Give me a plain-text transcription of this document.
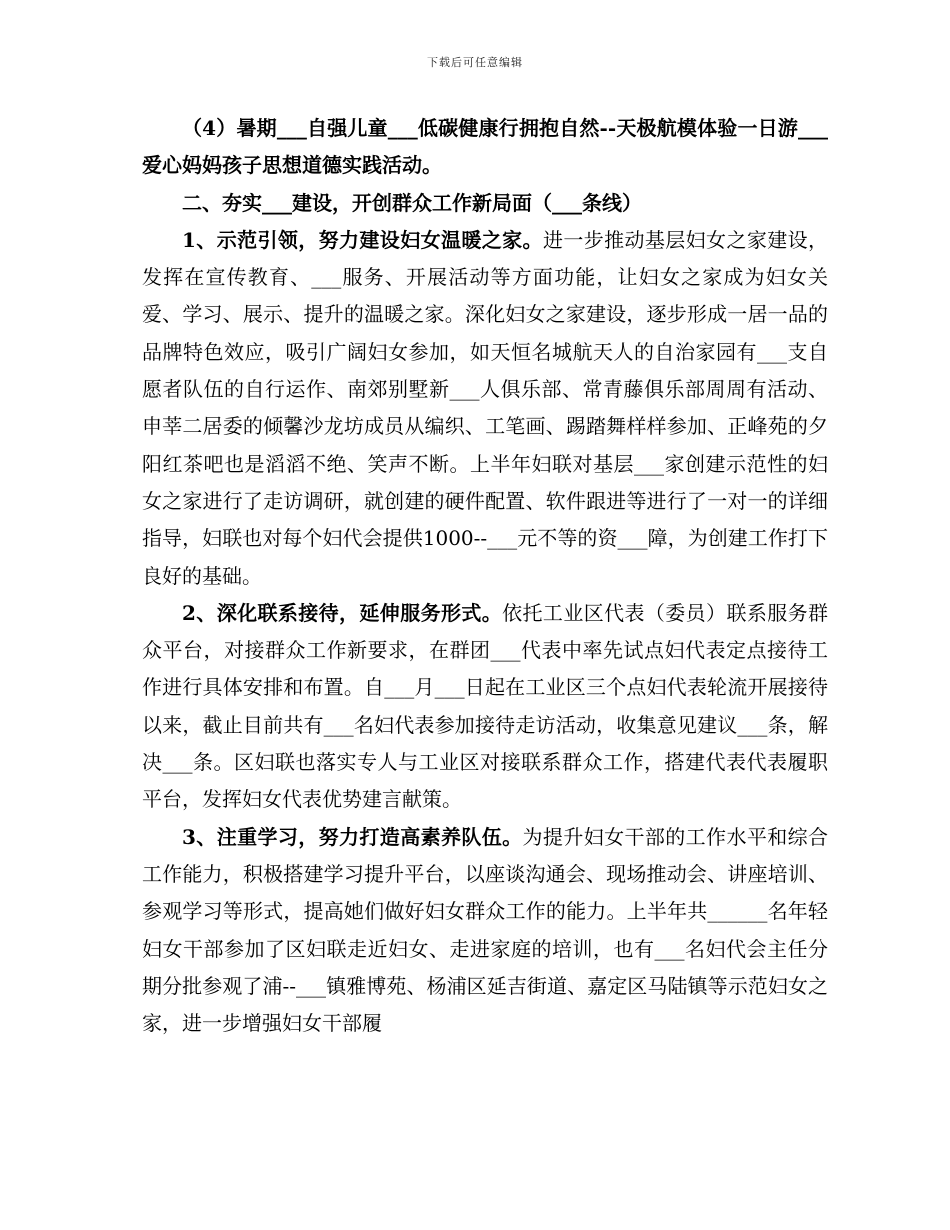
下载后可任意编辑

（4）暑期___自强儿童___低碳健康行拥抱自然--天极航模体验一日游___爱心妈妈孩子思想道德实践活动。

二、夯实___建设，开创群众工作新局面（___条线）

1、示范引领，努力建设妇女温暖之家。进一步推动基层妇女之家建设，发挥在宣传教育、___服务、开展活动等方面功能，让妇女之家成为妇女关爱、学习、展示、提升的温暖之家。深化妇女之家建设，逐步形成一居一品的品牌特色效应，吸引广阔妇女参加，如天恒名城航天人的自治家园有___支自愿者队伍的自行运作、南郊别墅新___人俱乐部、常青藤俱乐部周周有活动、申莘二居委的倾馨沙龙坊成员从编织、工笔画、踢踏舞样样参加、正峰苑的夕阳红茶吧也是滔滔不绝、笑声不断。上半年妇联对基层___家创建示范性的妇女之家进行了走访调研，就创建的硬件配置、软件跟进等进行了一对一的详细指导，妇联也对每个妇代会提供1000--___元不等的资___障，为创建工作打下良好的基础。

2、深化联系接待，延伸服务形式。依托工业区代表（委员）联系服务群众平台，对接群众工作新要求，在群团___代表中率先试点妇代表定点接待工作进行具体安排和布置。自___月___日起在工业区三个点妇代表轮流开展接待以来，截止目前共有___名妇代表参加接待走访活动，收集意见建议___条，解决___条。区妇联也落实专人与工业区对接联系群众工作，搭建代表代表履职平台，发挥妇女代表优势建言献策。

3、注重学习，努力打造高素养队伍。为提升妇女干部的工作水平和综合工作能力，积极搭建学习提升平台，以座谈沟通会、现场推动会、讲座培训、参观学习等形式，提高她们做好妇女群众工作的能力。上半年共______名年轻妇女干部参加了区妇联走近妇女、走进家庭的培训，也有___名妇代会主任分期分批参观了浦--___镇雅博苑、杨浦区延吉街道、嘉定区马陆镇等示范妇女之家，进一步增强妇女干部履
